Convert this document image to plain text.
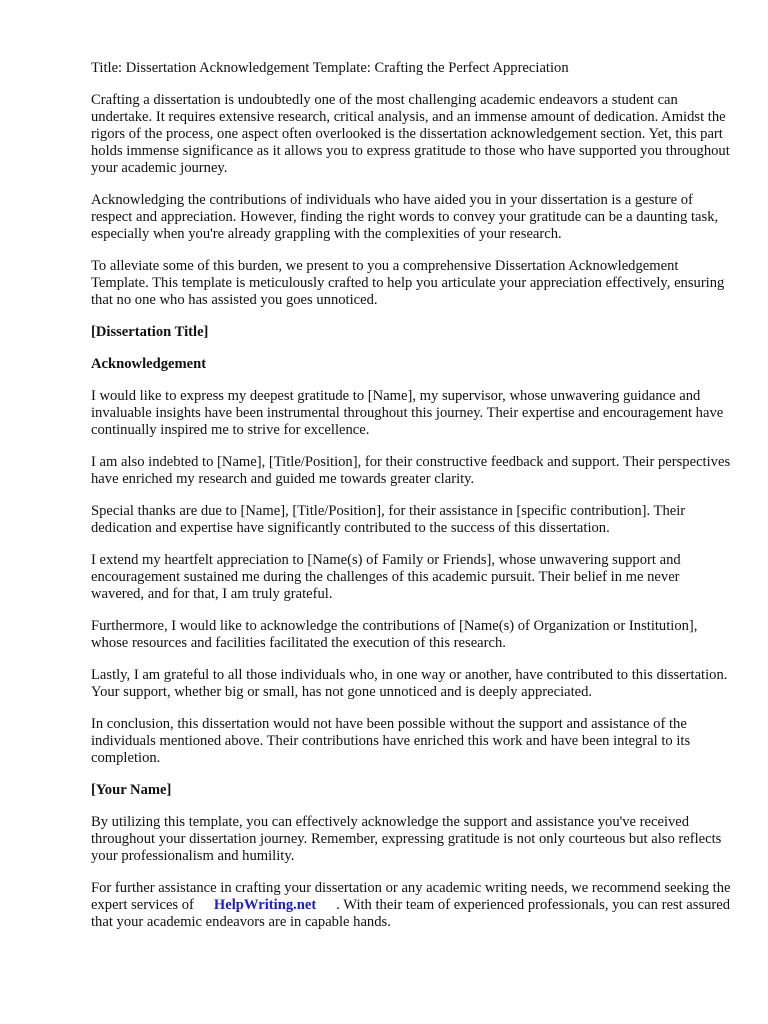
Title: Dissertation Acknowledgement Template: Crafting the Perfect Appreciation

Crafting a dissertation is undoubtedly one of the most challenging academic endeavors a student can undertake. It requires extensive research, critical analysis, and an immense amount of dedication. Amidst the rigors of the process, one aspect often overlooked is the dissertation acknowledgement section. Yet, this part holds immense significance as it allows you to express gratitude to those who have supported you throughout your academic journey.

Acknowledging the contributions of individuals who have aided you in your dissertation is a gesture of respect and appreciation. However, finding the right words to convey your gratitude can be a daunting task, especially when you're already grappling with the complexities of your research.

To alleviate some of this burden, we present to you a comprehensive Dissertation Acknowledgement Template. This template is meticulously crafted to help you articulate your appreciation effectively, ensuring that no one who has assisted you goes unnoticed.

[Dissertation Title]

Acknowledgement

I would like to express my deepest gratitude to [Name], my supervisor, whose unwavering guidance and invaluable insights have been instrumental throughout this journey. Their expertise and encouragement have continually inspired me to strive for excellence.

I am also indebted to [Name], [Title/Position], for their constructive feedback and support. Their perspectives have enriched my research and guided me towards greater clarity.

Special thanks are due to [Name], [Title/Position], for their assistance in [specific contribution]. Their dedication and expertise have significantly contributed to the success of this dissertation.

I extend my heartfelt appreciation to [Name(s) of Family or Friends], whose unwavering support and encouragement sustained me during the challenges of this academic pursuit. Their belief in me never wavered, and for that, I am truly grateful.

Furthermore, I would like to acknowledge the contributions of [Name(s) of Organization or Institution], whose resources and facilities facilitated the execution of this research.

Lastly, I am grateful to all those individuals who, in one way or another, have contributed to this dissertation. Your support, whether big or small, has not gone unnoticed and is deeply appreciated.

In conclusion, this dissertation would not have been possible without the support and assistance of the individuals mentioned above. Their contributions have enriched this work and have been integral to its completion.

[Your Name]

By utilizing this template, you can effectively acknowledge the support and assistance you've received throughout your dissertation journey. Remember, expressing gratitude is not only courteous but also reflects your professionalism and humility.

For further assistance in crafting your dissertation or any academic writing needs, we recommend seeking the expert services of HelpWriting.net . With their team of experienced professionals, you can rest assured that your academic endeavors are in capable hands.
